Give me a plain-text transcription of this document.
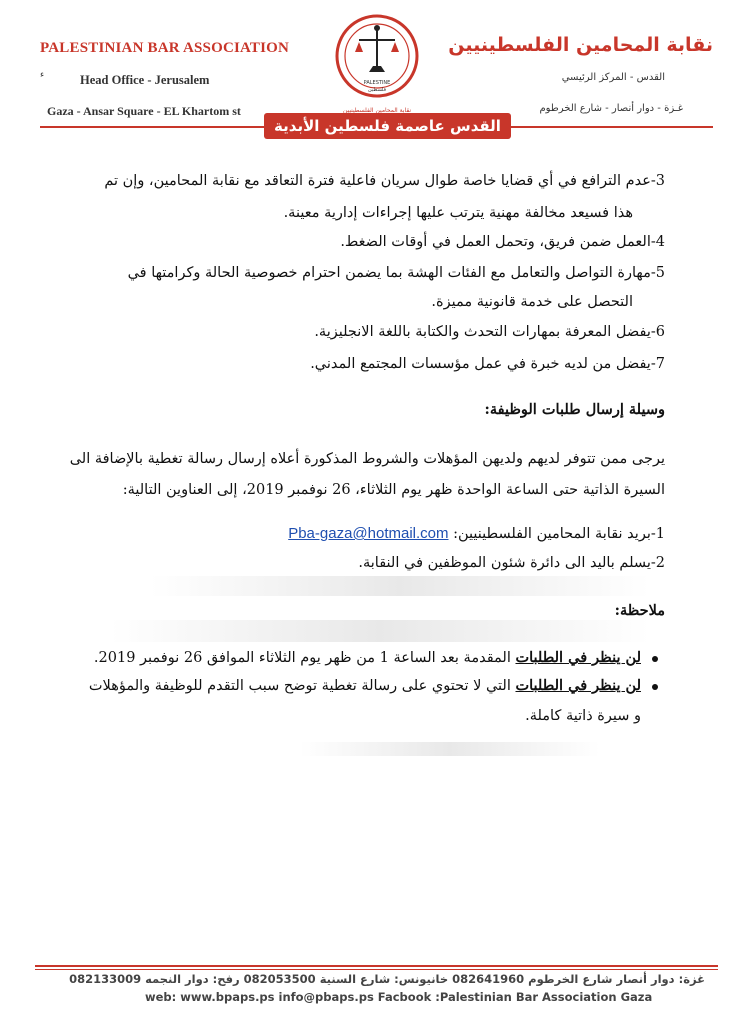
PALESTINIAN BAR ASSOCIATION
ء	Head Office - Jerusalem
Gaza - Ansar Square - EL Khartom st
نقابة المحامين الفلسطينيين
القدس - المركز الرئيسي
غـزة - دوار أنصار - شارع الخرطوم
القدس عاصمة فلسطين الأبدية
PALESTINE
فلسطين
نقابة المحامين الفلسطينيين
3-عدم الترافع في أي قضايا خاصة طوال سريان فاعلية فترة التعاقد مع نقابة المحامين، وإن تم
هذا فسيعد مخالفة مهنية يترتب عليها إجراءات إدارية معينة.
4-العمل ضمن فريق، وتحمل العمل في أوقات الضغط.
5-مهارة التواصل والتعامل مع الفئات الهشة بما يضمن احترام خصوصية الحالة وكرامتها في
التحصل على خدمة قانونية مميزة.
6-يفضل المعرفة بمهارات التحدث والكتابة باللغة الانجليزية.
7-يفضل من لديه خبرة في عمل مؤسسات المجتمع المدني.
وسيلة إرسال طلبات الوظيفة:
يرجى ممن تتوفر لديهم ولديهن المؤهلات والشروط المذكورة أعلاه إرسال رسالة تغطية بالإضافة الى
السيرة الذاتية حتى الساعة الواحدة ظهر يوم الثلاثاء، 26 نوفمبر 2019، إلى العناوين التالية:
1-بريد نقابة المحامين الفلسطينيين: Pba-gaza@hotmail.com
2-يسلم باليد الى دائرة شئون الموظفين في النقابة.
ملاحظة:
لن ينظر في الطلبات المقدمة بعد الساعة 1 من ظهر يوم الثلاثاء الموافق 26 نوفمبر 2019.
لن ينظر في الطلبات التي لا تحتوي على رسالة تغطية توضح سبب التقدم للوظيفة والمؤهلات
و سيرة ذاتية كاملة.
غزة: دوار أنصار شارع الخرطوم 082641960 خانيونس: شارع السنية 082053500 رفح: دوار النجمه 082133009
web: www.bpaps.ps info@pbaps.ps Facbook :Palestinian Bar Association Gaza
